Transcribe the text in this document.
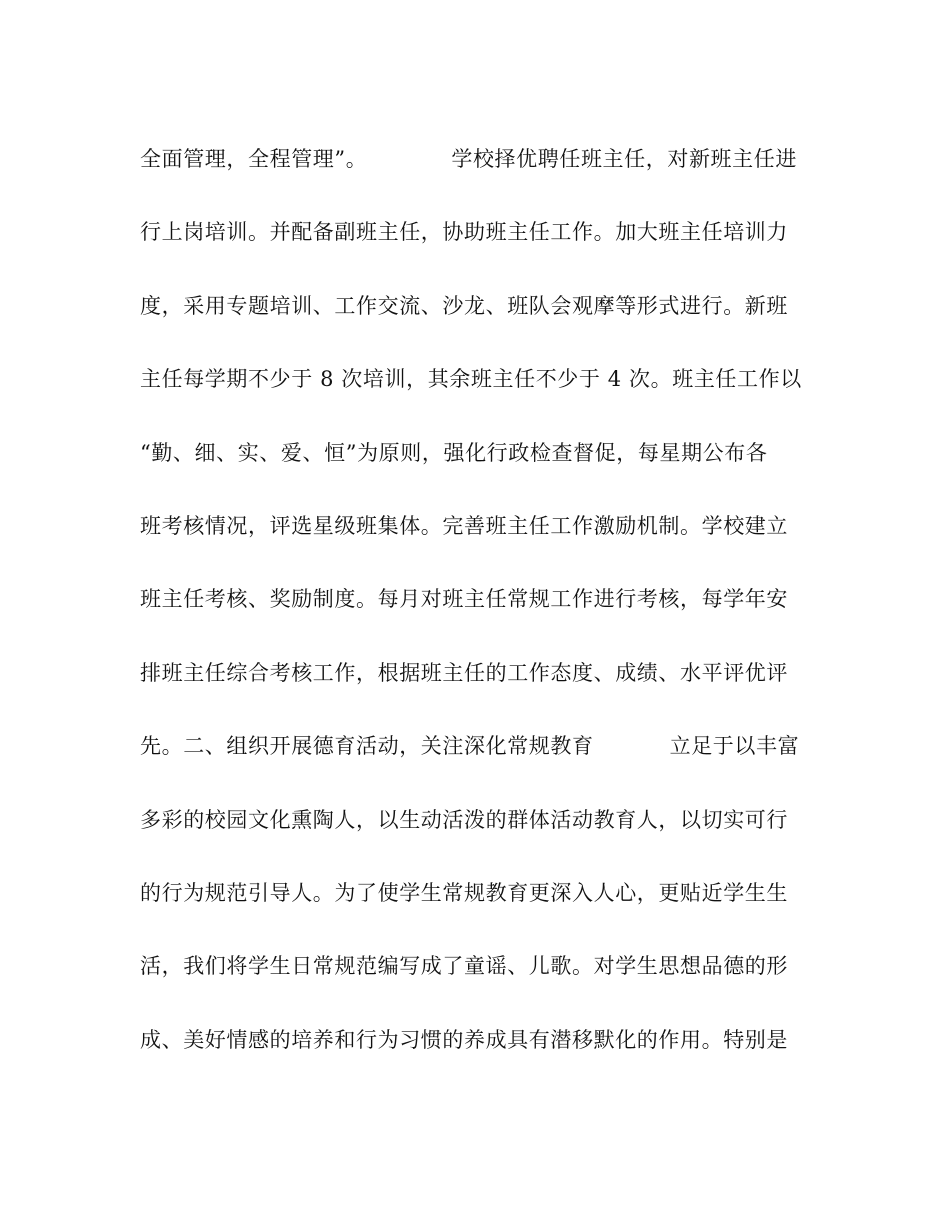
全面管理，全程管理”。	学校择优聘任班主任，对新班主任进
行上岗培训。并配备副班主任，协助班主任工作。加大班主任培训力
度，采用专题培训、工作交流、沙龙、班队会观摩等形式进行。新班
主任每学期不少于 8 次培训，其余班主任不少于 4 次。班主任工作以
“勤、细、实、爱、恒”为原则，强化行政检查督促，每星期公布各
班考核情况，评选星级班集体。完善班主任工作激励机制。学校建立
班主任考核、奖励制度。每月对班主任常规工作进行考核，每学年安
排班主任综合考核工作，根据班主任的工作态度、成绩、水平评优评
先。二、组织开展德育活动，关注深化常规教育	立足于以丰富
多彩的校园文化熏陶人，以生动活泼的群体活动教育人，以切实可行
的行为规范引导人。为了使学生常规教育更深入人心，更贴近学生生
活，我们将学生日常规范编写成了童谣、儿歌。对学生思想品德的形
成、美好情感的培养和行为习惯的养成具有潜移默化的作用。特别是
